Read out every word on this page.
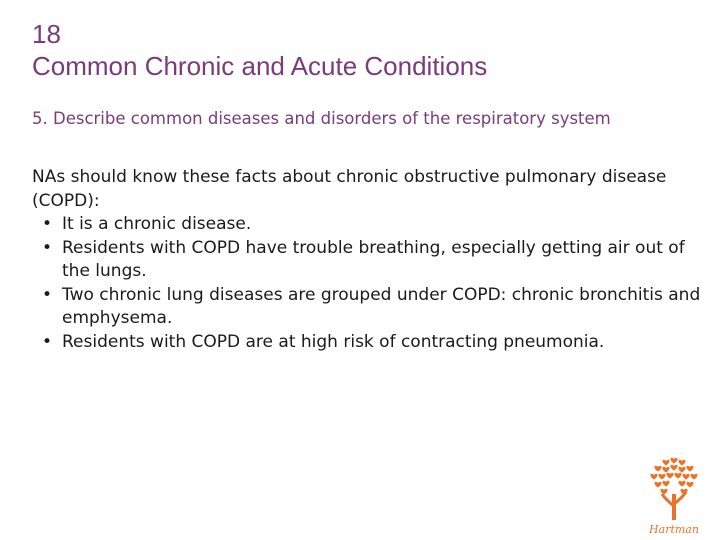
18
Common Chronic and Acute Conditions
5. Describe common diseases and disorders of the respiratory system
NAs should know these facts about chronic obstructive pulmonary disease (COPD):
• It is a chronic disease.
• Residents with COPD have trouble breathing, especially getting air out of the lungs.
• Two chronic lung diseases are grouped under COPD: chronic bronchitis and emphysema.
• Residents with COPD are at high risk of contracting pneumonia.
Hartman
